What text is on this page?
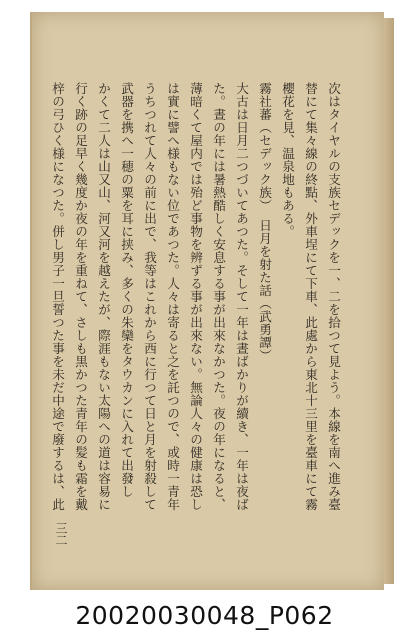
次はタイヤルの支族セデックを一、二を拾つて見よう。本線を南へ進み臺
替にて集々線の終點、外車埕にて下車、此處から東北十三里を臺車にて霧
櫻花を見、温泉地もある。
霧社蕃（セデック族）　日月を射た話（武勇譚）
大古は日月二つづいてあつた。そして一年は晝ばかりが續き、一年は夜ば
た。晝の年には暑熱酷しく安息する事が出來なかつた。夜の年になると、
薄暗くて屋内では殆ど事物を辨ずる事が出來ない。無論人々の健康は恐し
は實に譬へ様もない位であつた。人々は寄ると之を託つので、或時一青年
うちつれて人々の前に出で、我等はこれから西に行つて日と月を射殺して
武器を携へ一穂の粟を耳に挟み、多くの朱欒をタウカンに入れて出發し
かくて二人は山又山、河又河を越えたが、際涯もない太陽への道は容易に
行く跡の足早く幾度か夜の年を重ねて、さしも黒かつた青年の髪も霜を戴
梓の弓ひく様になつた。併し男子一旦誓つた事を未だ中途で廢するは、此
三二
20020030048_P062
